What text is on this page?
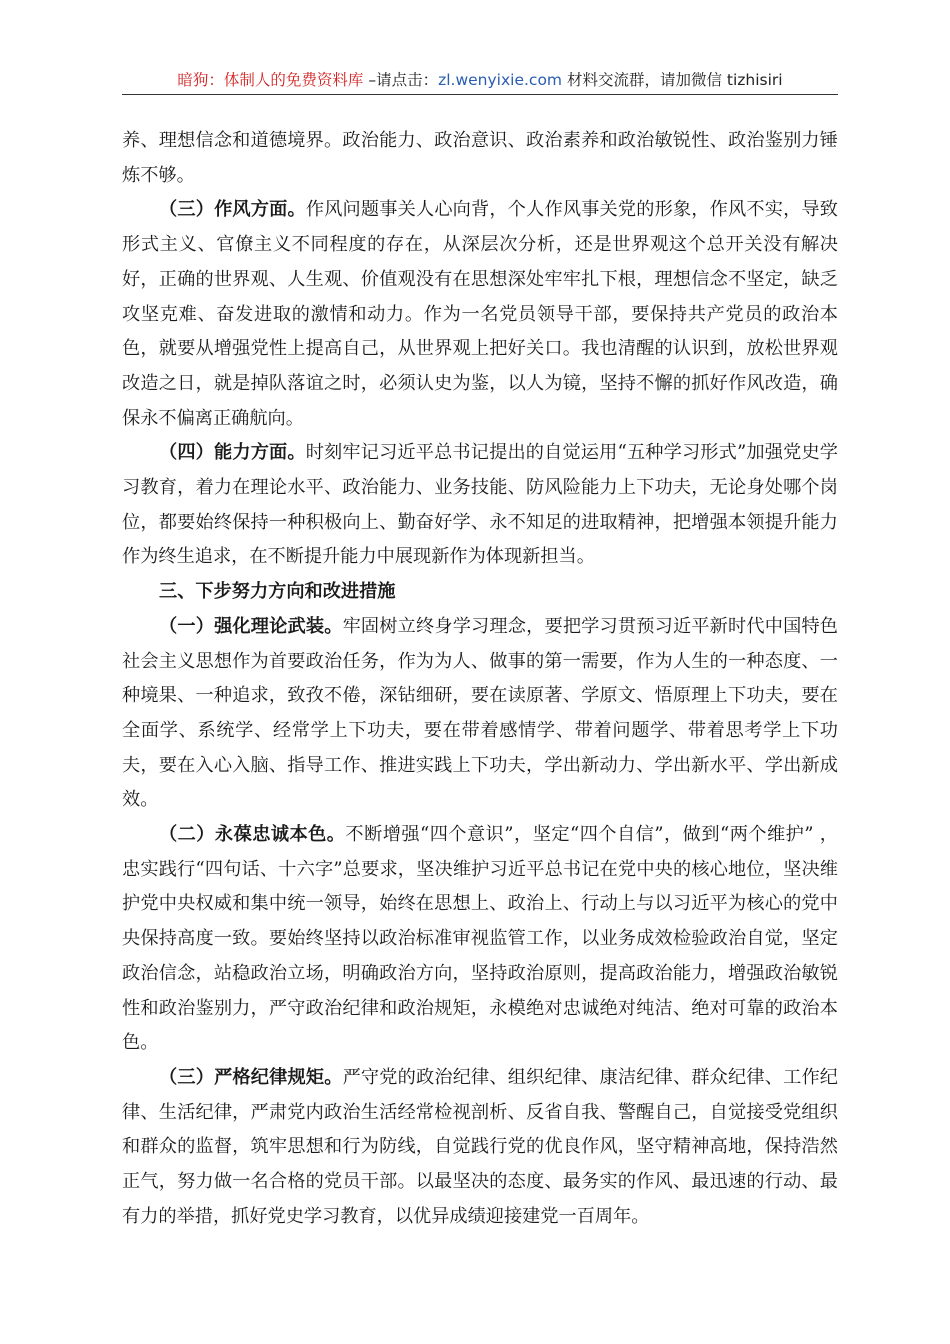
暗狗：体制人的免费资料库 –请点击：zl.wenyixie.com 材料交流群，请加微信 tizhisiri

养、理想信念和道德境界。政治能力、政治意识、政治素养和政治敏锐性、政治鉴别力锤炼不够。

（三）作风方面。作风问题事关人心向背，个人作风事关党的形象，作风不实，导致形式主义、官僚主义不同程度的存在，从深层次分析，还是世界观这个总开关没有解决好，正确的世界观、人生观、价值观没有在思想深处牢牢扎下根，理想信念不坚定，缺乏攻坚克难、奋发进取的激情和动力。作为一名党员领导干部，要保持共产党员的政治本色，就要从增强党性上提高自己，从世界观上把好关口。我也清醒的认识到，放松世界观改造之日，就是掉队落谊之时，必须认史为鉴，以人为镜，坚持不懈的抓好作风改造，确保永不偏离正确航向。

（四）能力方面。时刻牢记习近平总书记提出的自觉运用“五种学习形式”加强党史学习教育，着力在理论水平、政治能力、业务技能、防风险能力上下功夫，无论身处哪个岗位，都要始终保持一种积极向上、勤奋好学、永不知足的进取精神，把增强本领提升能力作为终生追求，在不断提升能力中展现新作为体现新担当。

三、下步努力方向和改进措施

（一）强化理论武装。牢固树立终身学习理念，要把学习贯预习近平新时代中国特色社会主义思想作为首要政治任务，作为为人、做事的第一需要，作为人生的一种态度、一种境果、一种追求，致孜不倦，深钻细研，要在读原著、学原文、悟原理上下功夫，要在全面学、系统学、经常学上下功夫，要在带着感情学、带着问题学、带着思考学上下功夫，要在入心入脑、指导工作、推进实践上下功夫，学出新动力、学出新水平、学出新成效。

（二）永葆忠诚本色。不断增强“四个意识”，坚定“四个自信”，做到“两个维护” ，忠实践行“四句话、十六字”总要求，坚决维护习近平总书记在党中央的核心地位，坚决维护党中央权威和集中统一领导，始终在思想上、政治上、行动上与以习近平为核心的党中央保持高度一致。要始终坚持以政治标准审视监管工作，以业务成效检验政治自觉，坚定政治信念，站稳政治立场，明确政治方向，坚持政治原则，提高政治能力，增强政治敏锐性和政治鉴别力，严守政治纪律和政治规矩，永模绝对忠诚绝对纯洁、绝对可靠的政治本色。

（三）严格纪律规矩。严守党的政治纪律、组织纪律、康洁纪律、群众纪律、工作纪律、生活纪律，严肃党内政治生活经常检视剖析、反省自我、警醒自己，自觉接受党组织和群众的监督，筑牢思想和行为防线，自觉践行党的优良作风，坚守精神高地，保持浩然正气，努力做一名合格的党员干部。以最坚决的态度、最务实的作风、最迅速的行动、最有力的举措，抓好党史学习教育，以优异成绩迎接建党一百周年。
